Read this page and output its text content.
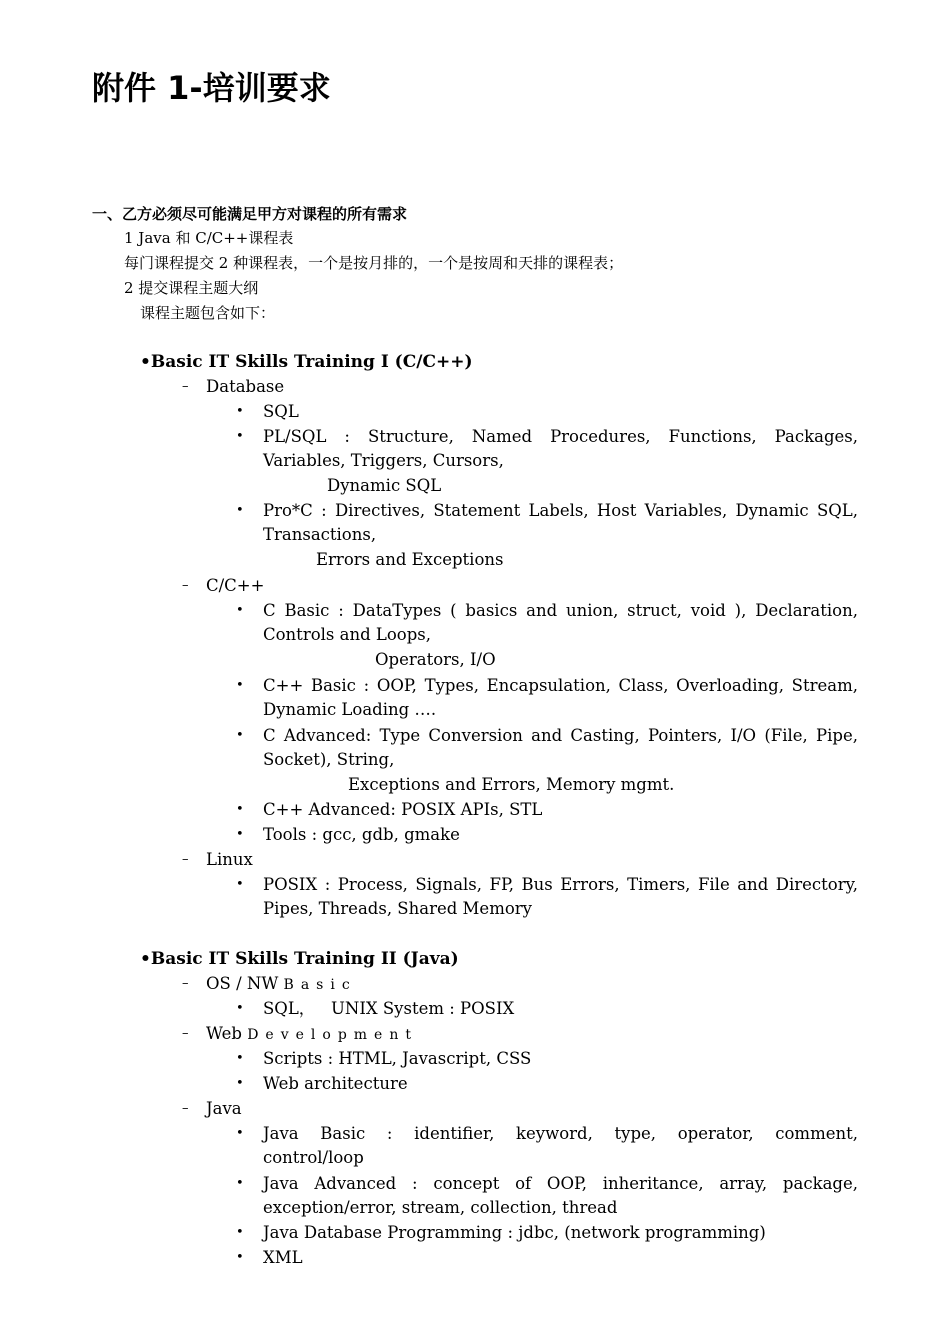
附件 1-培训要求
一、乙方必须尽可能满足甲方对课程的所有需求
1 Java 和 C/C++课程表
每门课程提交 2 种课程表，一个是按月排的，一个是按周和天排的课程表；
2 提交课程主题大纲
课程主题包含如下：
•Basic IT Skills Training I (C/C++)
– Database
• SQL
• PL/SQL : Structure, Named Procedures, Functions, Packages,
Variables, Triggers, Cursors,
Dynamic SQL
• Pro*C : Directives, Statement Labels, Host Variables, Dynamic SQL,
Transactions,
Errors and Exceptions
– C/C++
• C Basic : DataTypes ( basics and union, struct, void ), Declaration,
Controls and Loops,
Operators, I/O
• C++ Basic : OOP, Types, Encapsulation, Class, Overloading, Stream,
Dynamic Loading ….
• C Advanced: Type Conversion and Casting, Pointers, I/O (File, Pipe,
Socket), String,
Exceptions and Errors, Memory mgmt.
• C++ Advanced: POSIX APIs, STL
• Tools : gcc, gdb, gmake
– Linux
• POSIX : Process, Signals, FP, Bus Errors, Timers, File and Directory,
Pipes, Threads, Shared Memory
•Basic IT Skills Training II (Java)
– OS / NW Basic
• SQL，   UNIX System : POSIX
– Web Development
• Scripts : HTML, Javascript, CSS
• Web architecture
– Java
• Java Basic : identifier, keyword, type, operator, comment,
control/loop
• Java Advanced : concept of OOP, inheritance, array, package,
exception/error, stream, collection, thread
• Java Database Programming : jdbc, (network programming)
• XML
